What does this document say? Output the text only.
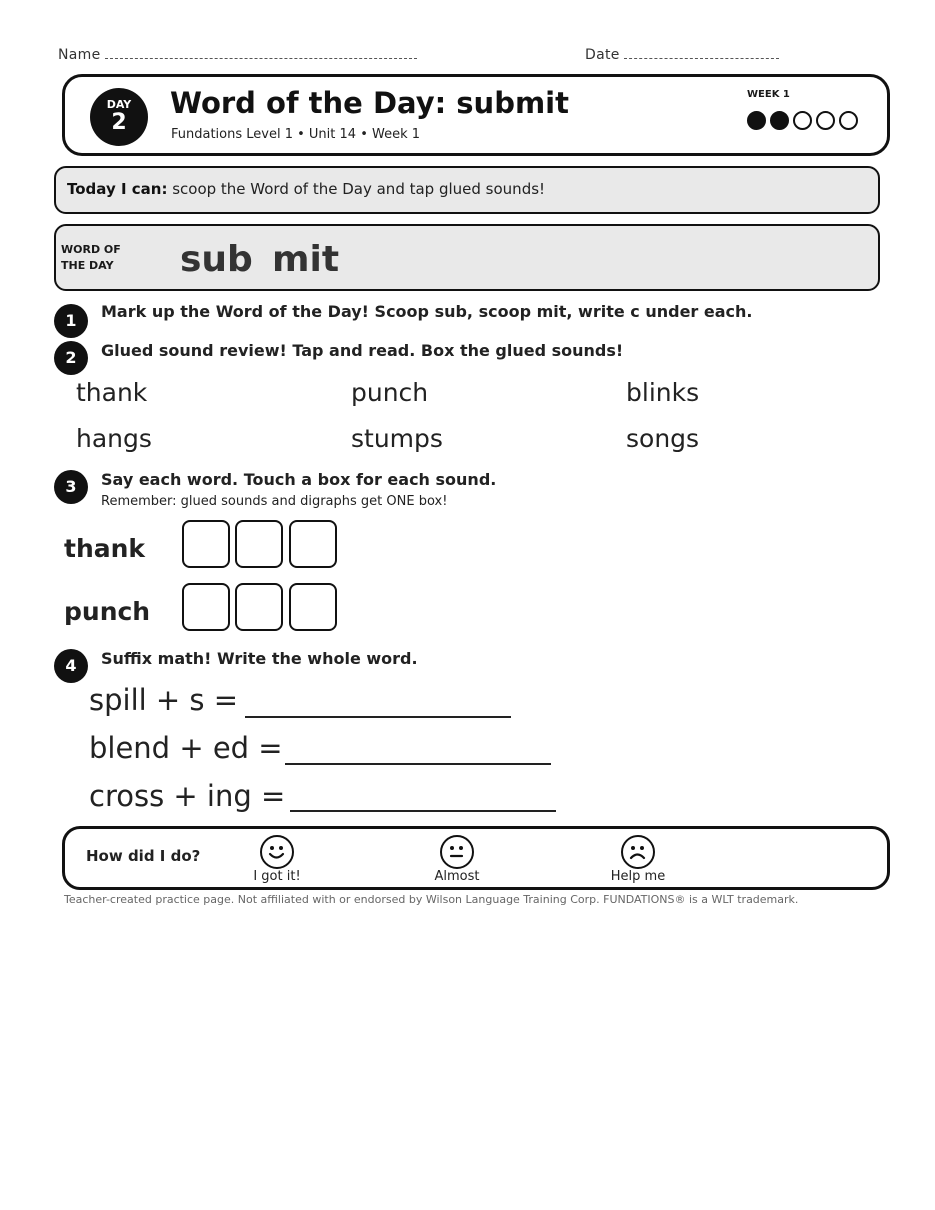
Name	Date
DAY
2
Word of the Day: submit
Fundations Level 1 • Unit 14 • Week 1
WEEK 1
Today I can: scoop the Word of the Day and tap glued sounds!
WORD OF
THE DAY	sub mit
1	Mark up the Word of the Day! Scoop sub, scoop mit, write c under each.
2	Glued sound review! Tap and read. Box the glued sounds!
thank	punch	blinks
hangs	stumps	songs
3	Say each word. Touch a box for each sound.
Remember: glued sounds and digraphs get ONE box!
thank
punch
4	Suffix math! Write the whole word.
spill + s =
blend + ed =
cross + ing =
How did I do?
I got it!	Almost	Help me
Teacher-created practice page. Not affiliated with or endorsed by Wilson Language Training Corp. FUNDATIONS® is a WLT trademark.
